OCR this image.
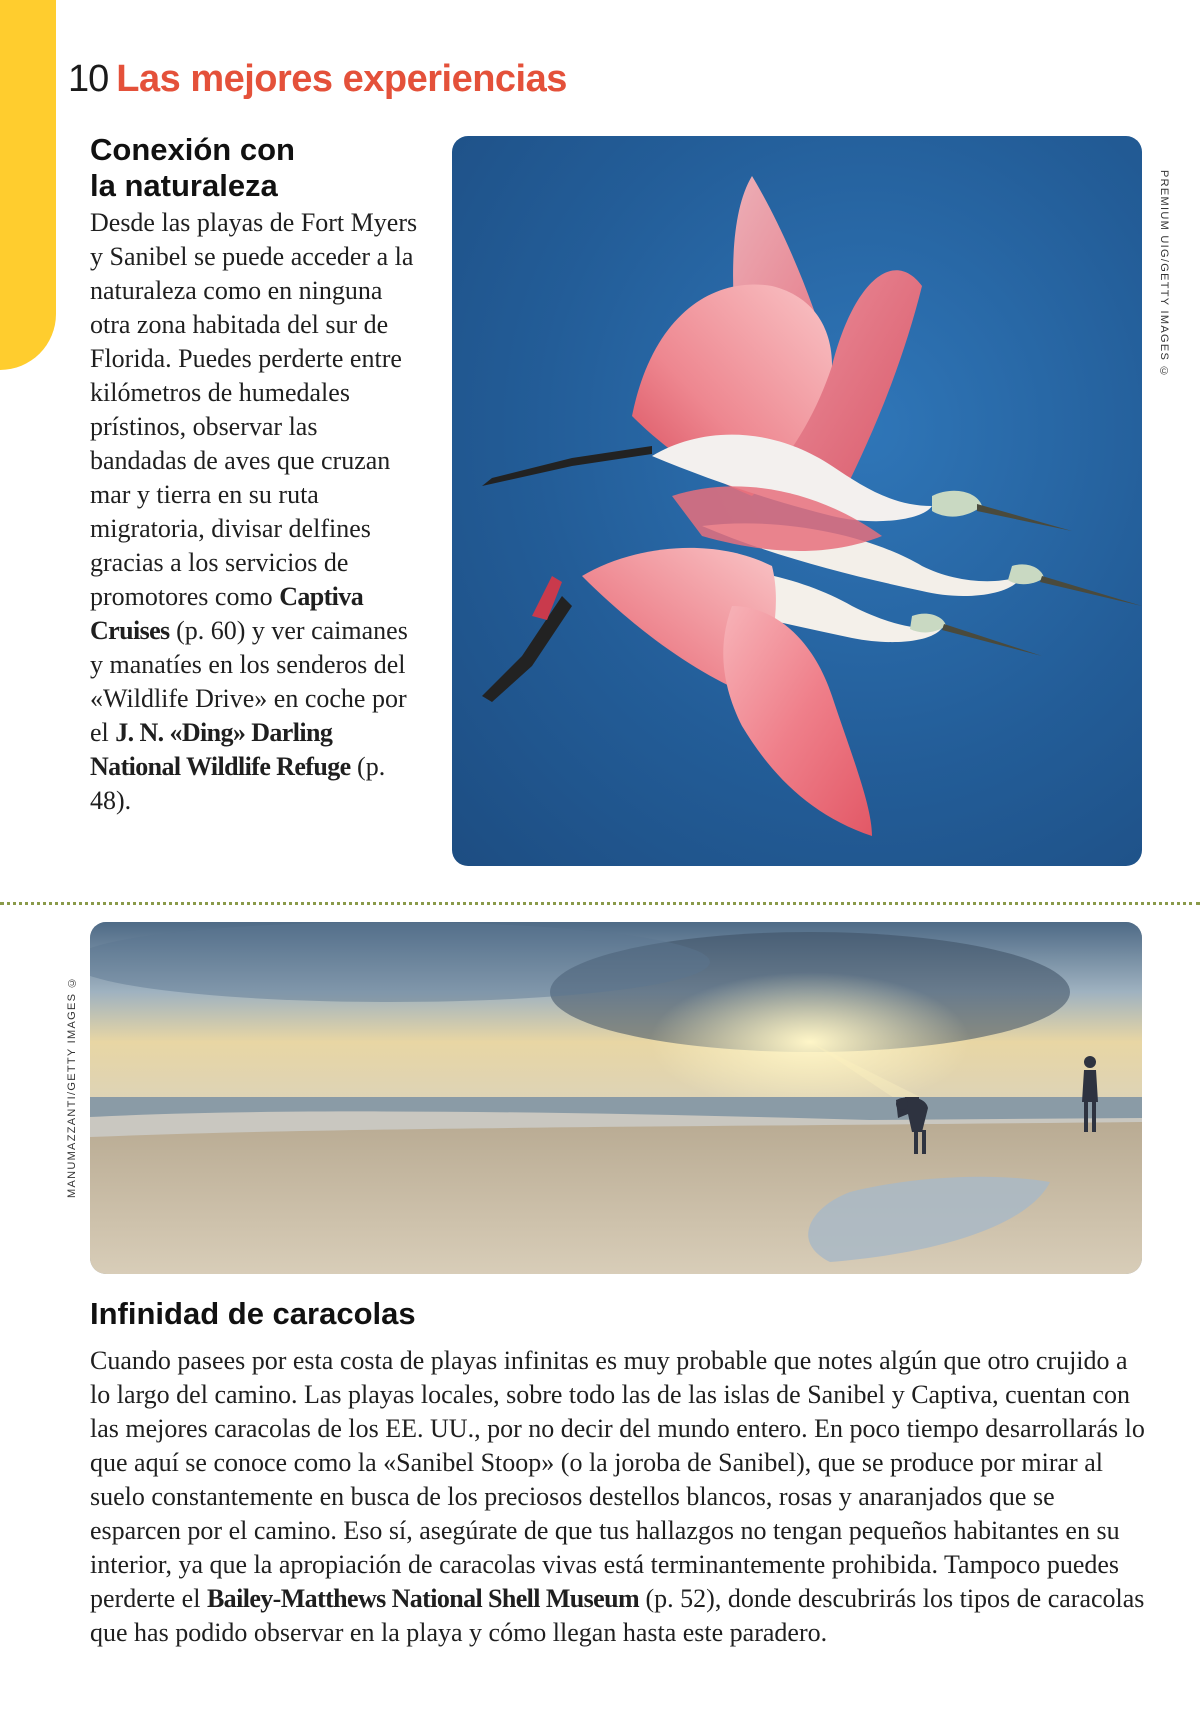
10 Las mejores experiencias
Conexión con
la naturaleza

Desde las playas de Fort Myers y Sanibel se puede acceder a la naturaleza como en ninguna otra zona habitada del sur de Florida. Puedes perderte entre kilómetros de humedales prístinos, observar las bandadas de aves que cruzan mar y tierra en su ruta migratoria, divisar delfines gracias a los servicios de promotores como Captiva Cruises (p. 60) y ver caimanes y manatíes en los senderos del «Wildlife Drive» en coche por el J. N. «Ding» Darling National Wildlife Refuge (p. 48).

PREMIUM UIG/GETTY IMAGES ©
MANUMAZZANTI/GETTY IMAGES ©
Infinidad de caracolas

Cuando pasees por esta costa de playas infinitas es muy probable que notes algún que otro crujido a lo largo del camino. Las playas locales, sobre todo las de las islas de Sanibel y Captiva, cuentan con las mejores caracolas de los EE. UU., por no decir del mundo entero. En poco tiempo desarrollarás lo que aquí se conoce como la «Sanibel Stoop» (o la joroba de Sanibel), que se produce por mirar al suelo constantemente en busca de los preciosos destellos blancos, rosas y anaranjados que se esparcen por el camino. Eso sí, asegúrate de que tus hallazgos no tengan pequeños habitantes en su interior, ya que la apropiación de caracolas vivas está terminantemente prohibida. Tampoco puedes perderte el Bailey-Matthews National Shell Museum (p. 52), donde descubrirás los tipos de caracolas que has podido observar en la playa y cómo llegan hasta este paradero.
